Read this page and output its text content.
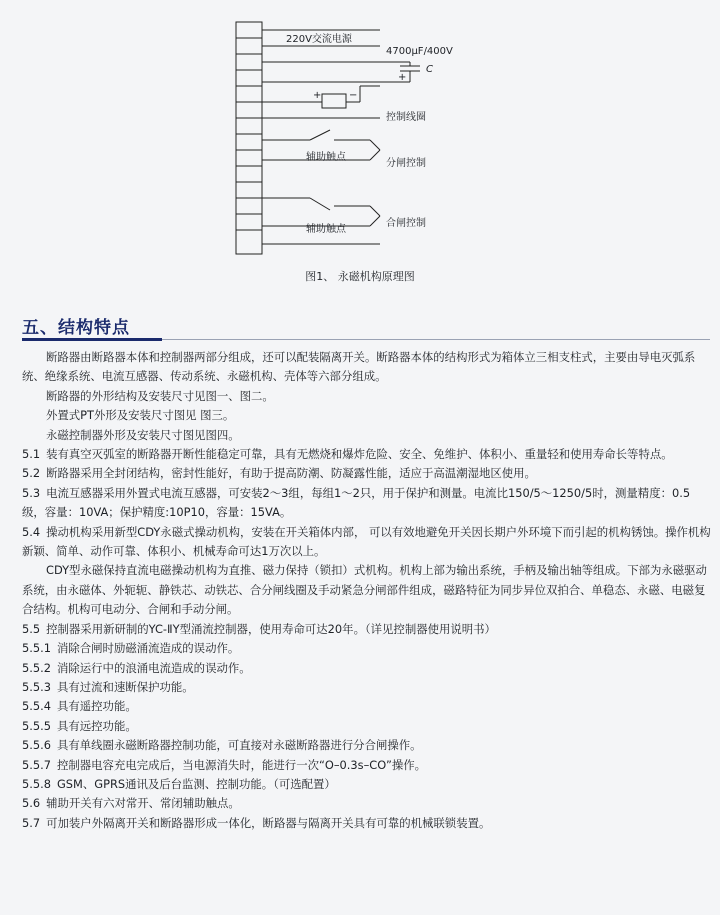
220V交流电源
4700μF/400V
C
+
+	−
控制线圈
辅助触点
分闸控制
辅助触点
合闸控制
图1、 永磁机构原理图
五、结构特点
断路器由断路器本体和控制器两部分组成，还可以配装隔离开关。断路器本体的结构形式为箱体立三相支柱式，主要由导电灭弧系统、绝缘系统、电流互感器、传动系统、永磁机构、壳体等六部分组成。
断路器的外形结构及安装尺寸见图一、图二。
外置式PT外形及安装尺寸图见 图三。
永磁控制器外形及安装尺寸图见图四。
5.1 装有真空灭弧室的断路器开断性能稳定可靠，具有无燃烧和爆炸危险、安全、免维护、体积小、重量轻和使用寿命长等特点。
5.2 断路器采用全封闭结构，密封性能好，有助于提高防潮、防凝露性能，适应于高温潮湿地区使用。
5.3 电流互感器采用外置式电流互感器，可安装2～3组，每组1～2只，用于保护和测量。电流比150/5～1250/5时，测量精度：0.5级，容量：10VA；保护精度:10P10，容量：15VA。
5.4 操动机构采用新型CDY永磁式操动机构，安装在开关箱体内部， 可以有效地避免开关因长期户外环境下而引起的机构锈蚀。操作机构新颖、简单、动作可靠、体积小、机械寿命可达1万次以上。
CDY型永磁保持直流电磁操动机构为直推、磁力保持（锁扣）式机构。机构上部为输出系统，手柄及输出轴等组成。下部为永磁驱动系统，由永磁体、外轭轭、静铁芯、动铁芯、合分闸线圈及手动紧急分闸部件组成，磁路特征为同步异位双拍合、单稳态、永磁、电磁复合结构。机构可电动分、合闸和手动分闸。
5.5 控制器采用新研制的YC-ⅡY型涌流控制器，使用寿命可达20年。（详见控制器使用说明书）
5.5.1 消除合闸时励磁涌流造成的误动作。
5.5.2 消除运行中的浪涌电流造成的误动作。
5.5.3 具有过流和速断保护功能。
5.5.4 具有遥控功能。
5.5.5 具有远控功能。
5.5.6 具有单线圈永磁断路器控制功能，可直接对永磁断路器进行分合闸操作。
5.5.7 控制器电容充电完成后，当电源消失时，能进行一次“O–0.3s–CO”操作。
5.5.8 GSM、GPRS通讯及后台监测、控制功能。（可选配置）
5.6 辅助开关有六对常开、常闭辅助触点。
5.7 可加装户外隔离开关和断路器形成一体化，断路器与隔离开关具有可靠的机械联锁装置。
